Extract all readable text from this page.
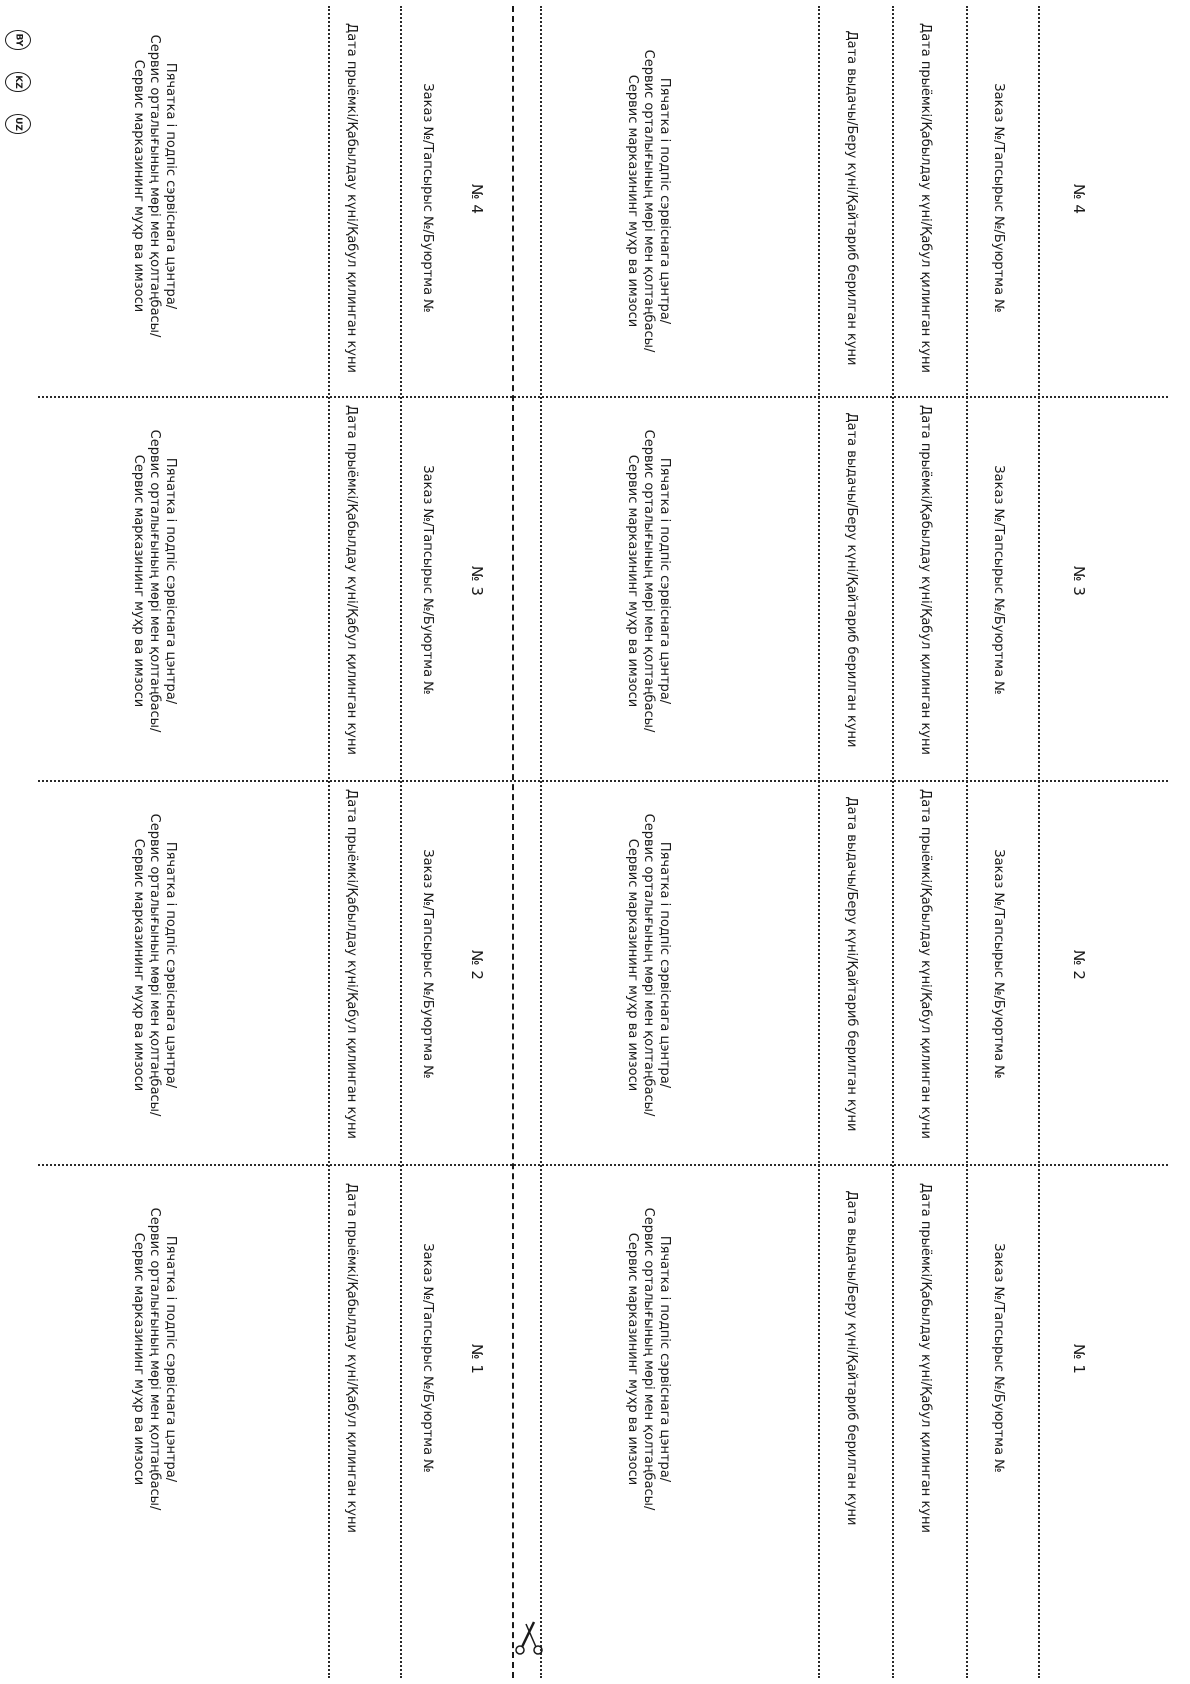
BY
KZ
UZ	Пячатка і подпіс сэрвіснага цэнтра/
Сервис орталығының мөрі мен қолтаңбасы/
Сервис марказининг муҳр ва имзоси	Дата прыёмкі/Қабылдау күні/Қабул қилинган куни	Заказ №/Тапсырыс №/Буюртма № № 4	Пячатка і подпіс сэрвіснага цэнтра/
Сервис орталығының мөрі мен қолтаңбасы/
Сервис марказининг муҳр ва имзоси	Дата выдачы/Беру күні/Қайтариб берилган куни	Дата прыёмкі/Қабылдау күні/Қабул қилинган куни	Заказ №/Тапсырыс №/Буюртма №	№ 4
Пячатка і подпіс сэрвіснага цэнтра/
Сервис орталығының мөрі мен қолтаңбасы/
Сервис марказининг муҳр ва имзоси	Дата прыёмкі/Қабылдау күні/Қабул қилинган куни	Заказ №/Тапсырыс №/Буюртма № № 3	Пячатка і подпіс сэрвіснага цэнтра/
Сервис орталығының мөрі мен қолтаңбасы/
Сервис марказининг муҳр ва имзоси	Дата выдачы/Беру күні/Қайтариб берилган куни	Дата прыёмкі/Қабылдау күні/Қабул қилинган куни	Заказ №/Тапсырыс №/Буюртма №	№ 3
Пячатка і подпіс сэрвіснага цэнтра/
Сервис орталығының мөрі мен қолтаңбасы/
Сервис марказининг муҳр ва имзоси	Дата прыёмкі/Қабылдау күні/Қабул қилинган куни	Заказ №/Тапсырыс №/Буюртма № № 2	Пячатка і подпіс сэрвіснага цэнтра/
Сервис орталығының мөрі мен қолтаңбасы/
Сервис марказининг муҳр ва имзоси	Дата выдачы/Беру күні/Қайтариб берилган куни	Дата прыёмкі/Қабылдау күні/Қабул қилинган куни	Заказ №/Тапсырыс №/Буюртма №	№ 2
Пячатка і подпіс сэрвіснага цэнтра/
Сервис орталығының мөрі мен қолтаңбасы/
Сервис марказининг муҳр ва имзоси	Дата прыёмкі/Қабылдау күні/Қабул қилинган куни	Заказ №/Тапсырыс №/Буюртма № № 1	Пячатка і подпіс сэрвіснага цэнтра/
Сервис орталығының мөрі мен қолтаңбасы/
Сервис марказининг муҳр ва имзоси	Дата выдачы/Беру күні/Қайтариб берилган куни	Дата прыёмкі/Қабылдау күні/Қабул қилинган куни	Заказ №/Тапсырыс №/Буюртма №	№ 1
